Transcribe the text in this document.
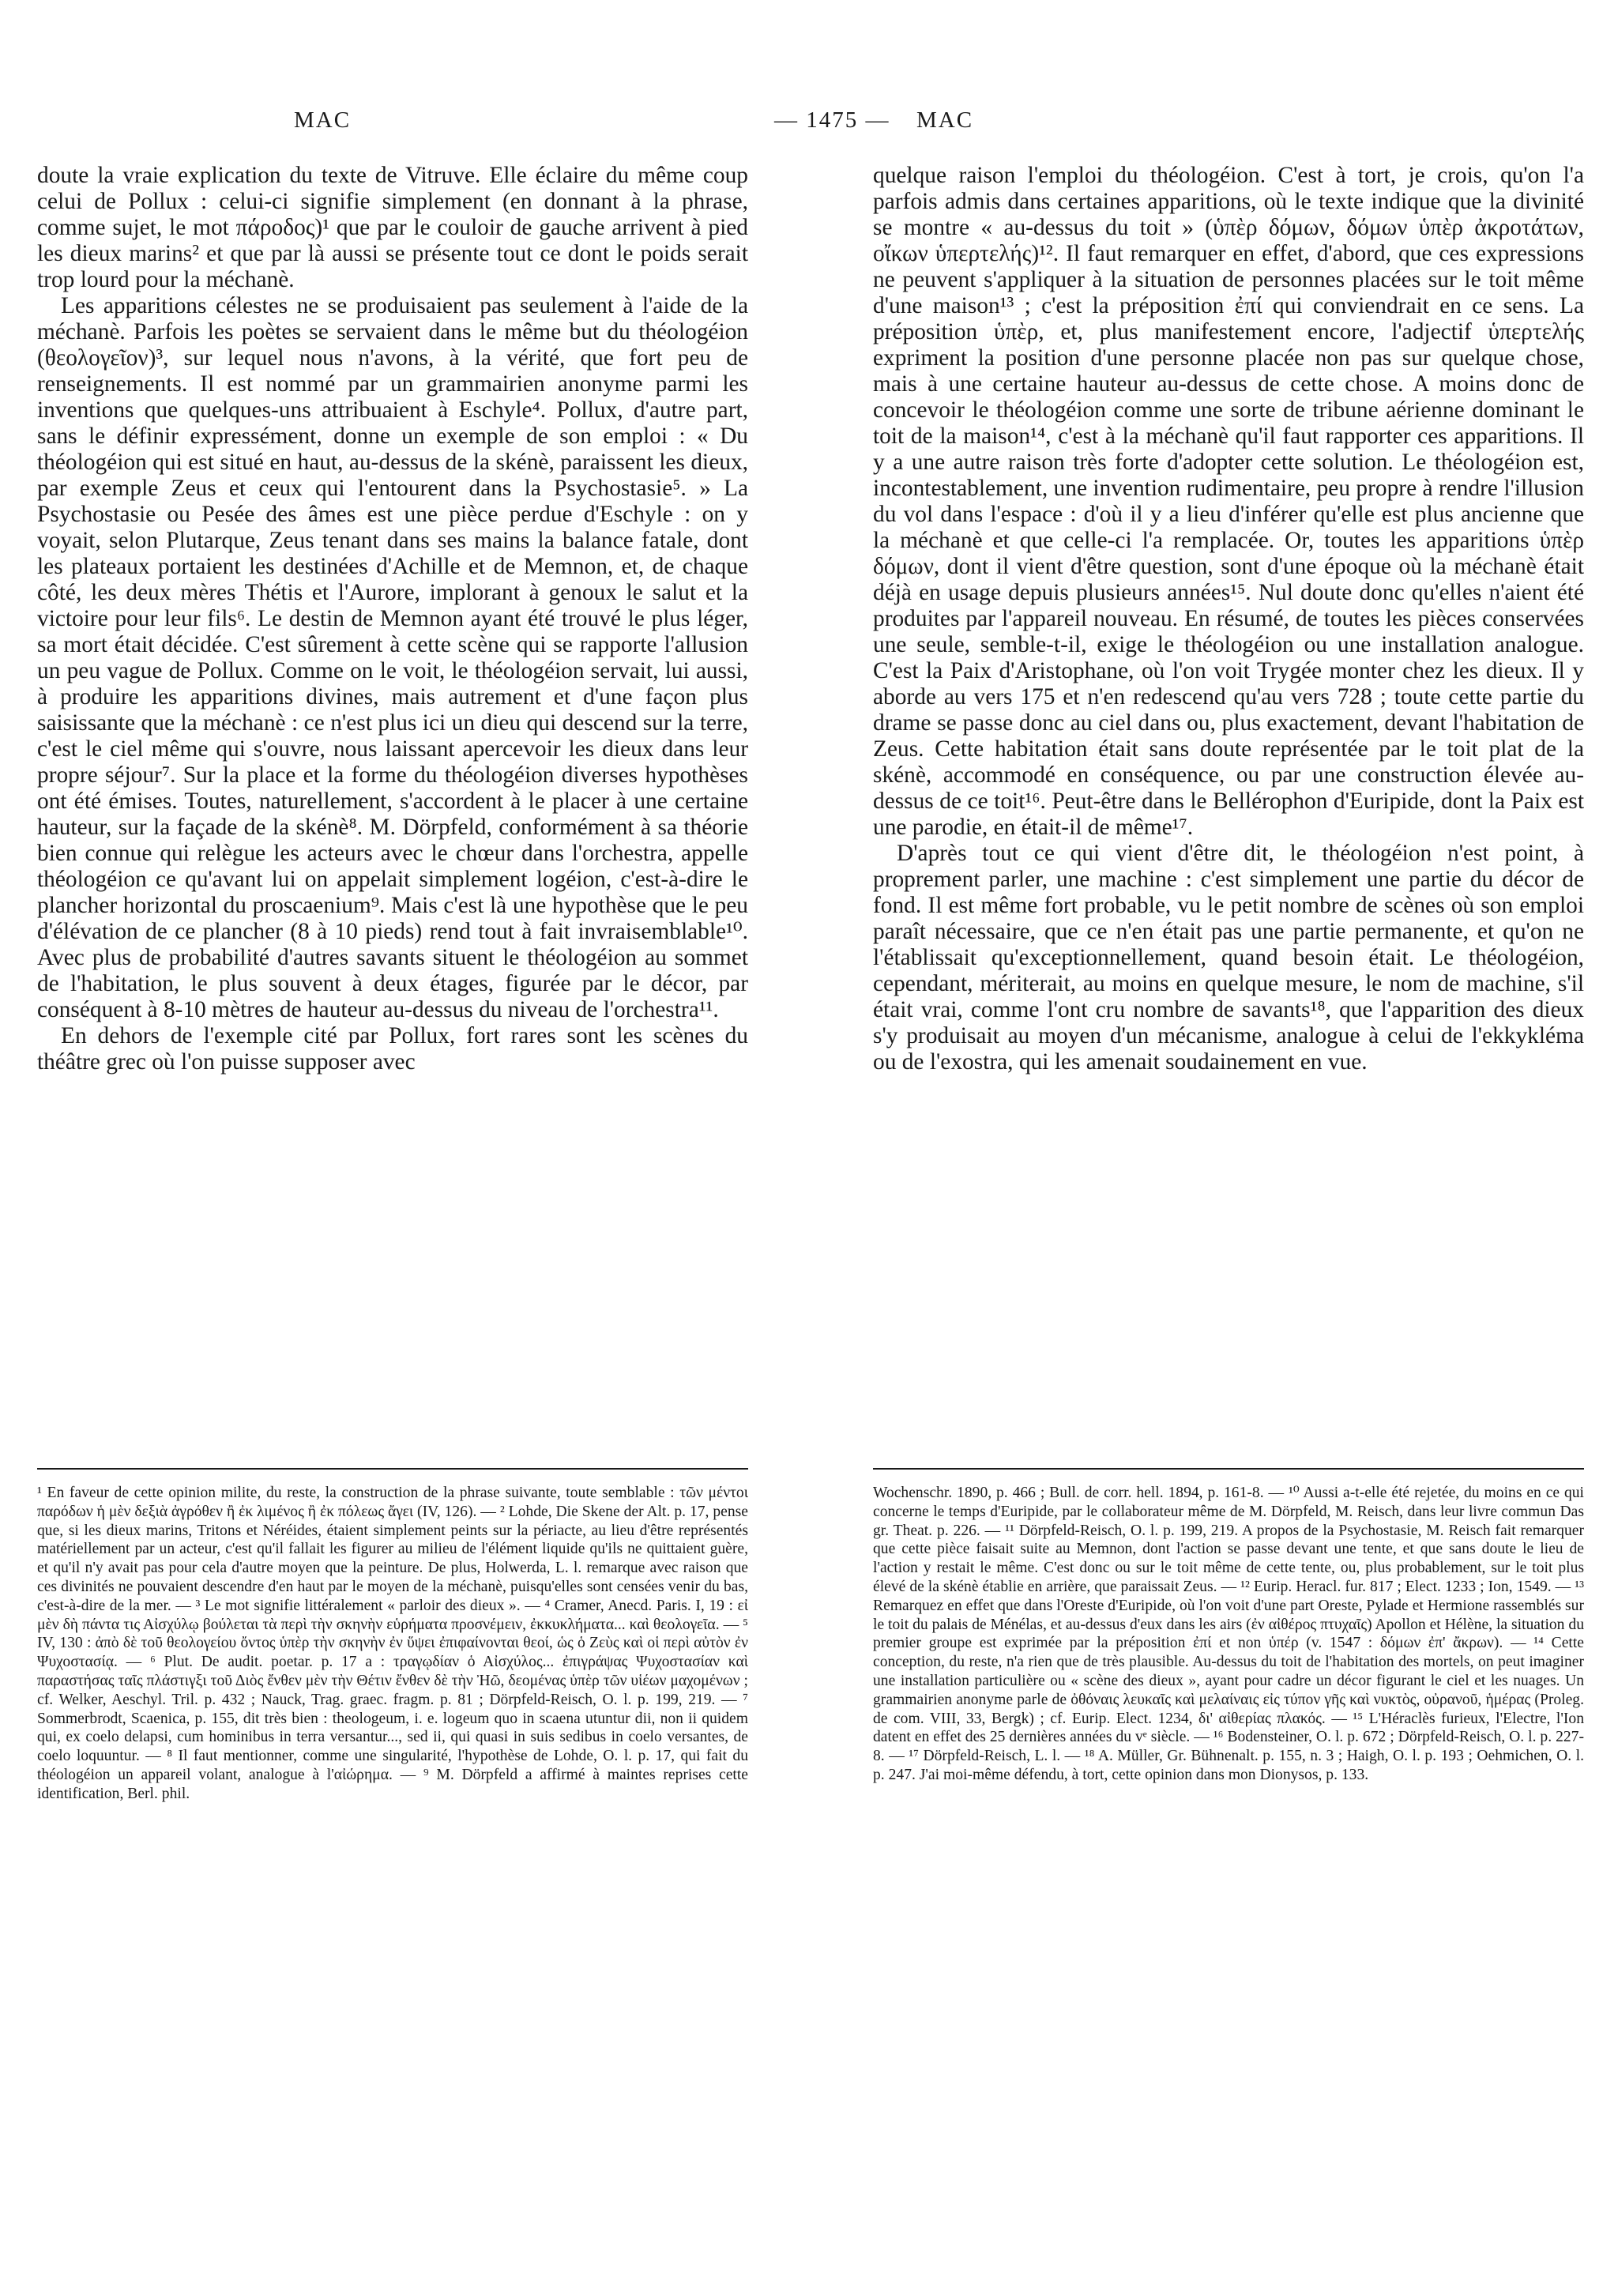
MAC	— 1475 — MAC

doute la vraie explication du texte de Vitruve. Elle éclaire du même coup celui de Pollux : celui-ci signifie simplement (en donnant à la phrase, comme sujet, le mot πάροδος)¹ que par le couloir de gauche arrivent à pied les dieux marins² et que par là aussi se présente tout ce dont le poids serait trop lourd pour la méchanè.

Les apparitions célestes ne se produisaient pas seulement à l'aide de la méchanè. Parfois les poètes se servaient dans le même but du théologéion (θεολογεῖον)³, sur lequel nous n'avons, à la vérité, que fort peu de renseignements. Il est nommé par un grammairien anonyme parmi les inventions que quelques-uns attribuaient à Eschyle⁴. Pollux, d'autre part, sans le définir expressément, donne un exemple de son emploi : « Du théologéion qui est situé en haut, au-dessus de la skénè, paraissent les dieux, par exemple Zeus et ceux qui l'entourent dans la Psychostasie⁵. » La Psychostasie ou Pesée des âmes est une pièce perdue d'Eschyle : on y voyait, selon Plutarque, Zeus tenant dans ses mains la balance fatale, dont les plateaux portaient les destinées d'Achille et de Memnon, et, de chaque côté, les deux mères Thétis et l'Aurore, implorant à genoux le salut et la victoire pour leur fils⁶. Le destin de Memnon ayant été trouvé le plus léger, sa mort était décidée. C'est sûrement à cette scène qui se rapporte l'allusion un peu vague de Pollux. Comme on le voit, le théologéion servait, lui aussi, à produire les apparitions divines, mais autrement et d'une façon plus saisissante que la méchanè : ce n'est plus ici un dieu qui descend sur la terre, c'est le ciel même qui s'ouvre, nous laissant apercevoir les dieux dans leur propre séjour⁷. Sur la place et la forme du théologéion diverses hypothèses ont été émises. Toutes, naturellement, s'accordent à le placer à une certaine hauteur, sur la façade de la skénè⁸. M. Dörpfeld, conformément à sa théorie bien connue qui relègue les acteurs avec le chœur dans l'orchestra, appelle théologéion ce qu'avant lui on appelait simplement logéion, c'est-à-dire le plancher horizontal du proscaenium⁹. Mais c'est là une hypothèse que le peu d'élévation de ce plancher (8 à 10 pieds) rend tout à fait invraisemblable¹⁰. Avec plus de probabilité d'autres savants situent le théologéion au sommet de l'habitation, le plus souvent à deux étages, figurée par le décor, par conséquent à 8-10 mètres de hauteur au-dessus du niveau de l'orchestra¹¹.

En dehors de l'exemple cité par Pollux, fort rares sont les scènes du théâtre grec où l'on puisse supposer avec

quelque raison l'emploi du théologéion. C'est à tort, je crois, qu'on l'a parfois admis dans certaines apparitions, où le texte indique que la divinité se montre « au-dessus du toit » (ὑπὲρ δόμων, δόμων ὑπὲρ ἀκροτάτων, οἴκων ὑπερτελής)¹². Il faut remarquer en effet, d'abord, que ces expressions ne peuvent s'appliquer à la situation de personnes placées sur le toit même d'une maison¹³ ; c'est la préposition ἐπί qui conviendrait en ce sens. La préposition ὑπὲρ, et, plus manifestement encore, l'adjectif ὑπερτελής expriment la position d'une personne placée non pas sur quelque chose, mais à une certaine hauteur au-dessus de cette chose. A moins donc de concevoir le théologéion comme une sorte de tribune aérienne dominant le toit de la maison¹⁴, c'est à la méchanè qu'il faut rapporter ces apparitions. Il y a une autre raison très forte d'adopter cette solution. Le théologéion est, incontestablement, une invention rudimentaire, peu propre à rendre l'illusion du vol dans l'espace : d'où il y a lieu d'inférer qu'elle est plus ancienne que la méchanè et que celle-ci l'a remplacée. Or, toutes les apparitions ὑπὲρ δόμων, dont il vient d'être question, sont d'une époque où la méchanè était déjà en usage depuis plusieurs années¹⁵. Nul doute donc qu'elles n'aient été produites par l'appareil nouveau. En résumé, de toutes les pièces conservées une seule, semble-t-il, exige le théologéion ou une installation analogue. C'est la Paix d'Aristophane, où l'on voit Trygée monter chez les dieux. Il y aborde au vers 175 et n'en redescend qu'au vers 728 ; toute cette partie du drame se passe donc au ciel dans ou, plus exactement, devant l'habitation de Zeus. Cette habitation était sans doute représentée par le toit plat de la skénè, accommodé en conséquence, ou par une construction élevée au-dessus de ce toit¹⁶. Peut-être dans le Bellérophon d'Euripide, dont la Paix est une parodie, en était-il de même¹⁷.

D'après tout ce qui vient d'être dit, le théologéion n'est point, à proprement parler, une machine : c'est simplement une partie du décor de fond. Il est même fort probable, vu le petit nombre de scènes où son emploi paraît nécessaire, que ce n'en était pas une partie permanente, et qu'on ne l'établissait qu'exceptionnellement, quand besoin était. Le théologéion, cependant, mériterait, au moins en quelque mesure, le nom de machine, s'il était vrai, comme l'ont cru nombre de savants¹⁸, que l'apparition des dieux s'y produisait au moyen d'un mécanisme, analogue à celui de l'ekkykléma ou de l'exostra, qui les amenait soudainement en vue.

¹ En faveur de cette opinion milite, du reste, la construction de la phrase suivante, toute semblable : τῶν μέντοι παρόδων ἡ μὲν δεξιὰ ἀγρόθεν ἢ ἐκ λιμένος ἢ ἐκ πόλεως ἄγει (IV, 126). — ² Lohde, Die Skene der Alt. p. 17, pense que, si les dieux marins, Tritons et Néréides, étaient simplement peints sur la périacte, au lieu d'être représentés matériellement par un acteur, c'est qu'il fallait les figurer au milieu de l'élément liquide qu'ils ne quittaient guère, et qu'il n'y avait pas pour cela d'autre moyen que la peinture. De plus, Holwerda, L. l. remarque avec raison que ces divinités ne pouvaient descendre d'en haut par le moyen de la méchanè, puisqu'elles sont censées venir du bas, c'est-à-dire de la mer. — ³ Le mot signifie littéralement « parloir des dieux ». — ⁴ Cramer, Anecd. Paris. I, 19 : εἰ μὲν δὴ πάντα τις Αἰσχύλῳ βούλεται τὰ περὶ τὴν σκηνὴν εὑρήματα προσνέμειν, ἐκκυκλήματα... καὶ θεολογεῖα. — ⁵ IV, 130 : ἀπὸ δὲ τοῦ θεολογείου ὄντος ὑπὲρ τὴν σκηνὴν ἐν ὕψει ἐπιφαίνονται θεοί, ὡς ὁ Ζεὺς καὶ οἱ περὶ αὐτὸν ἐν Ψυχοστασίᾳ. — ⁶ Plut. De audit. poetar. p. 17 a : τραγῳδίαν ὁ Αἰσχύλος... ἐπιγράψας Ψυχοστασίαν καὶ παραστήσας ταῖς πλάστιγξι τοῦ Διὸς ἔνθεν μὲν τὴν Θέτιν ἔνθεν δὲ τὴν Ἠῶ, δεομένας ὑπὲρ τῶν υἱέων μαχομένων ; cf. Welker, Aeschyl. Tril. p. 432 ; Nauck, Trag. graec. fragm. p. 81 ; Dörpfeld-Reisch, O. l. p. 199, 219. — ⁷ Sommerbrodt, Scaenica, p. 155, dit très bien : theologeum, i. e. logeum quo in scaena utuntur dii, non ii quidem qui, ex coelo delapsi, cum hominibus in terra versantur..., sed ii, qui quasi in suis sedibus in coelo versantes, de coelo loquuntur. — ⁸ Il faut mentionner, comme une singularité, l'hypothèse de Lohde, O. l. p. 17, qui fait du théologéion un appareil volant, analogue à l'αἰώρημα. — ⁹ M. Dörpfeld a affirmé à maintes reprises cette identification, Berl. phil.

Wochenschr. 1890, p. 466 ; Bull. de corr. hell. 1894, p. 161-8. — ¹⁰ Aussi a-t-elle été rejetée, du moins en ce qui concerne le temps d'Euripide, par le collaborateur même de M. Dörpfeld, M. Reisch, dans leur livre commun Das gr. Theat. p. 226. — ¹¹ Dörpfeld-Reisch, O. l. p. 199, 219. A propos de la Psychostasie, M. Reisch fait remarquer que cette pièce faisait suite au Memnon, dont l'action se passe devant une tente, et que sans doute le lieu de l'action y restait le même. C'est donc ou sur le toit même de cette tente, ou, plus probablement, sur le toit plus élevé de la skénè établie en arrière, que paraissait Zeus. — ¹² Eurip. Heracl. fur. 817 ; Elect. 1233 ; Ion, 1549. — ¹³ Remarquez en effet que dans l'Oreste d'Euripide, où l'on voit d'une part Oreste, Pylade et Hermione rassemblés sur le toit du palais de Ménélas, et au-dessus d'eux dans les airs (ἐν αἰθέρος πτυχαῖς) Apollon et Hélène, la situation du premier groupe est exprimée par la préposition ἐπί et non ὑπέρ (v. 1547 : δόμων ἐπ' ἄκρων). — ¹⁴ Cette conception, du reste, n'a rien que de très plausible. Au-dessus du toit de l'habitation des mortels, on peut imaginer une installation particulière ou « scène des dieux », ayant pour cadre un décor figurant le ciel et les nuages. Un grammairien anonyme parle de ὀθόναις λευκαῖς καὶ μελαίναις εἰς τύπον γῆς καὶ νυκτὸς, οὐρανοῦ, ἡμέρας (Proleg. de com. VIII, 33, Bergk) ; cf. Eurip. Elect. 1234, δι' αἰθερίας πλακός. — ¹⁵ L'Héraclès furieux, l'Electre, l'Ion datent en effet des 25 dernières années du vᵉ siècle. — ¹⁶ Bodensteiner, O. l. p. 672 ; Dörpfeld-Reisch, O. l. p. 227-8. — ¹⁷ Dörpfeld-Reisch, L. l. — ¹⁸ A. Müller, Gr. Bühnenalt. p. 155, n. 3 ; Haigh, O. l. p. 193 ; Oehmichen, O. l. p. 247. J'ai moi-même défendu, à tort, cette opinion dans mon Dionysos, p. 133.
